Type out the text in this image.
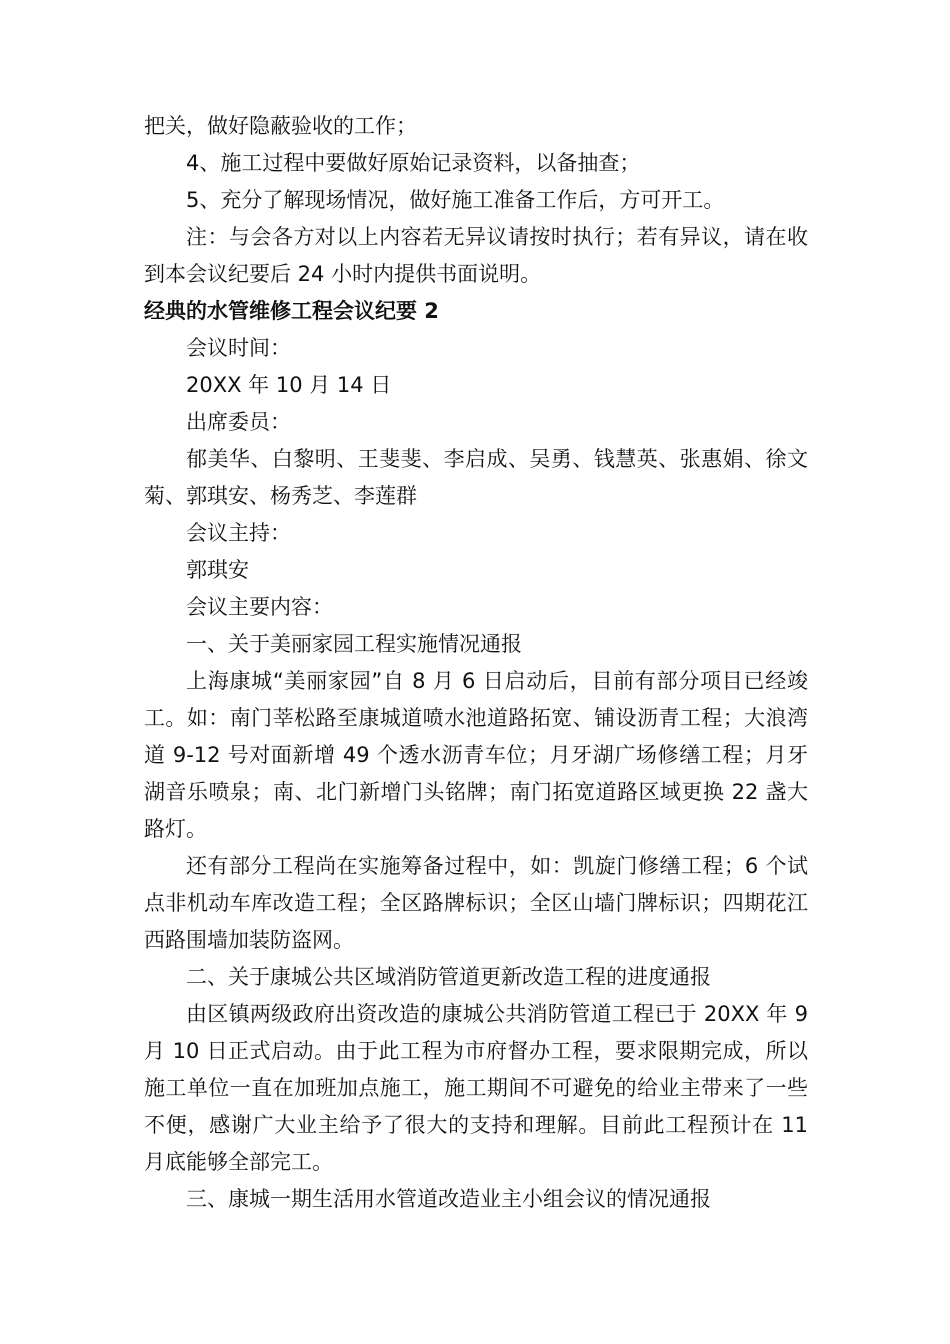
把关，做好隐蔽验收的工作；

4、施工过程中要做好原始记录资料，以备抽查；

5、充分了解现场情况，做好施工准备工作后，方可开工。

注：与会各方对以上内容若无异议请按时执行；若有异议，请在收到本会议纪要后 24 小时内提供书面说明。

经典的水管维修工程会议纪要 2

会议时间：

20XX 年 10 月 14 日

出席委员：

郁美华、白黎明、王斐斐、李启成、吴勇、钱慧英、张惠娟、徐文菊、郭琪安、杨秀芝、李莲群

会议主持：

郭琪安

会议主要内容：

一、关于美丽家园工程实施情况通报

上海康城“美丽家园”自 8 月 6 日启动后，目前有部分项目已经竣工。如：南门莘松路至康城道喷水池道路拓宽、铺设沥青工程；大浪湾道 9-12 号对面新增 49 个透水沥青车位；月牙湖广场修缮工程；月牙湖音乐喷泉；南、北门新增门头铭牌；南门拓宽道路区域更换 22 盏大路灯。

还有部分工程尚在实施筹备过程中，如：凯旋门修缮工程；6 个试点非机动车库改造工程；全区路牌标识；全区山墙门牌标识；四期花江西路围墙加装防盗网。

二、关于康城公共区域消防管道更新改造工程的进度通报

由区镇两级政府出资改造的康城公共消防管道工程已于 20XX 年 9 月 10 日正式启动。由于此工程为市府督办工程，要求限期完成，所以施工单位一直在加班加点施工，施工期间不可避免的给业主带来了一些不便，感谢广大业主给予了很大的支持和理解。目前此工程预计在 11 月底能够全部完工。

三、康城一期生活用水管道改造业主小组会议的情况通报
